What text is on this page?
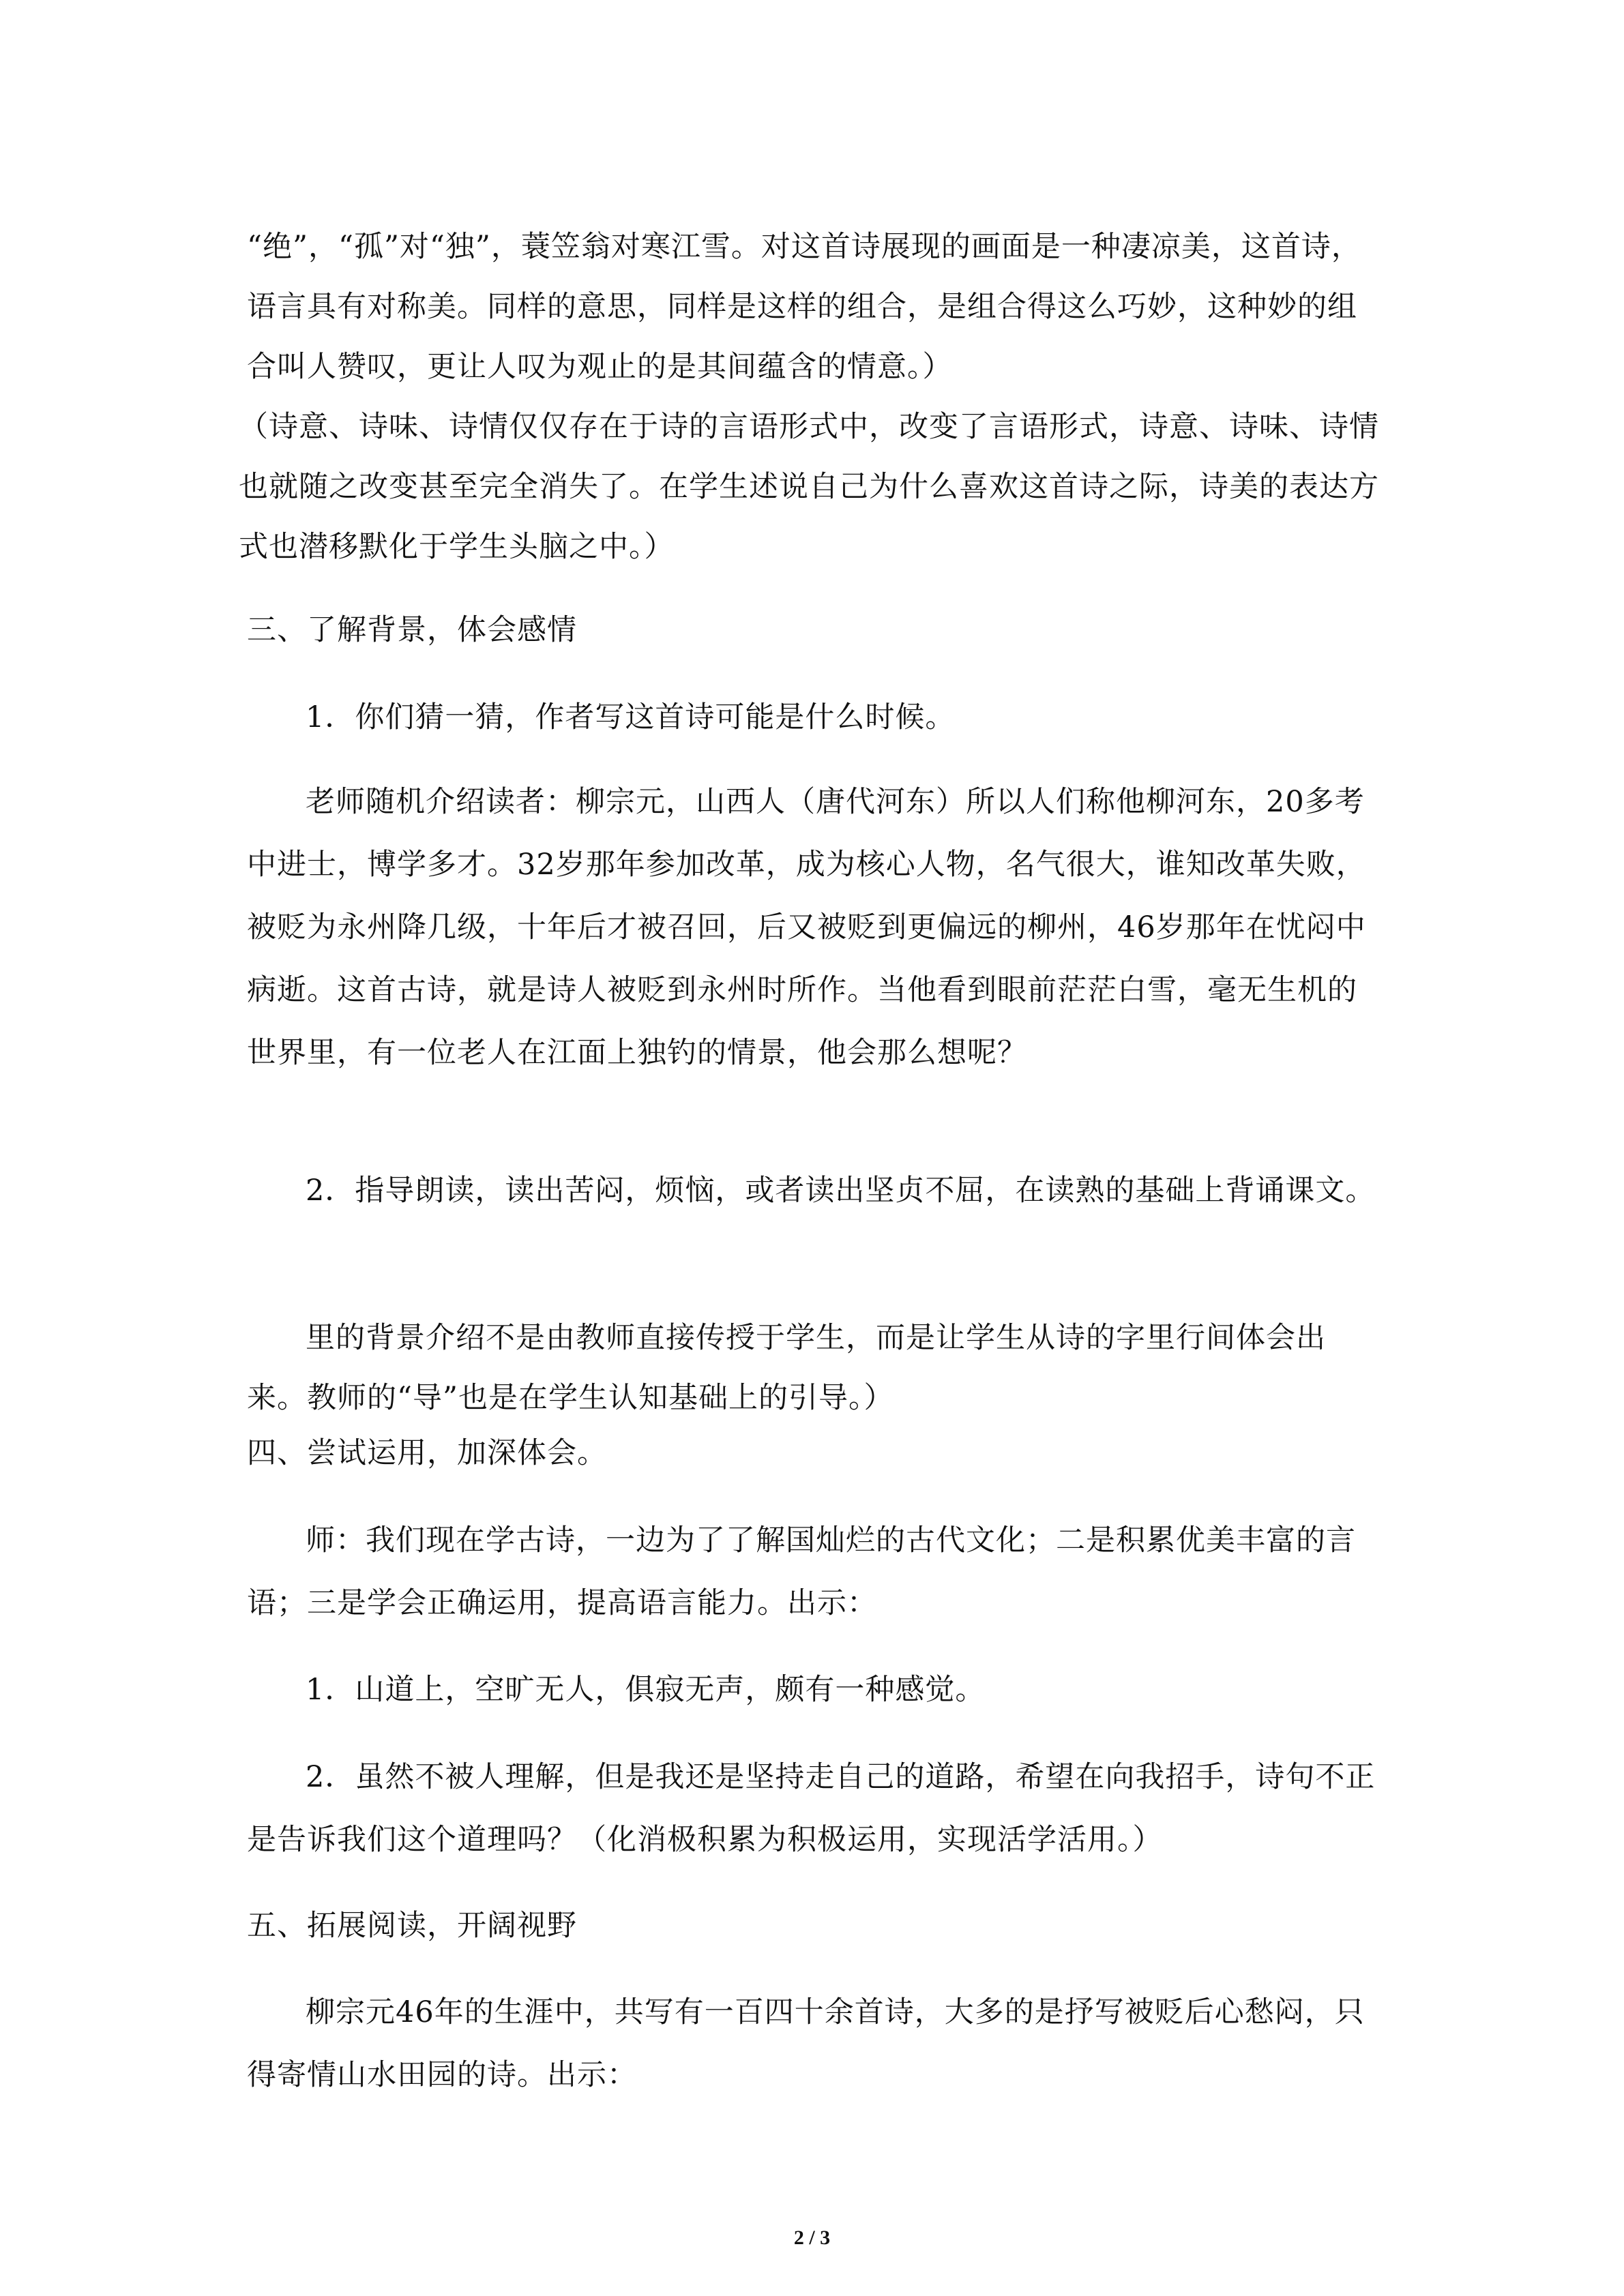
“绝”，“孤”对“独”，蓑笠翁对寒江雪。对这首诗展现的画面是一种凄凉美，这首诗，语言具有对称美。同样的意思，同样是这样的组合，是组合得这么巧妙，这种妙的组合叫人赞叹，更让人叹为观止的是其间蕴含的情意。）

（诗意、诗味、诗情仅仅存在于诗的言语形式中，改变了言语形式，诗意、诗味、诗情也就随之改变甚至完全消失了。在学生述说自己为什么喜欢这首诗之际，诗美的表达方式也潜移默化于学生头脑之中。）

三、了解背景，体会感情

1．你们猜一猜，作者写这首诗可能是什么时候。

老师随机介绍读者：柳宗元，山西人（唐代河东）所以人们称他柳河东，20多考中进士，博学多才。32岁那年参加改革，成为核心人物，名气很大，谁知改革失败，被贬为永州降几级，十年后才被召回，后又被贬到更偏远的柳州，46岁那年在忧闷中病逝。这首古诗，就是诗人被贬到永州时所作。当他看到眼前茫茫白雪，毫无生机的世界里，有一位老人在江面上独钓的情景，他会那么想呢？

2．指导朗读，读出苦闷，烦恼，或者读出坚贞不屈，在读熟的基础上背诵课文。

里的背景介绍不是由教师直接传授于学生，而是让学生从诗的字里行间体会出来。教师的“导”也是在学生认知基础上的引导。）

四、尝试运用，加深体会。

师：我们现在学古诗，一边为了了解国灿烂的古代文化；二是积累优美丰富的言语；三是学会正确运用，提高语言能力。出示：

1．山道上，空旷无人，俱寂无声，颇有一种感觉。

2．虽然不被人理解，但是我还是坚持走自己的道路，希望在向我招手，诗句不正是告诉我们这个道理吗？（化消极积累为积极运用，实现活学活用。）

五、拓展阅读，开阔视野

柳宗元46年的生涯中，共写有一百四十余首诗，大多的是抒写被贬后心愁闷，只得寄情山水田园的诗。出示：

2 / 3
